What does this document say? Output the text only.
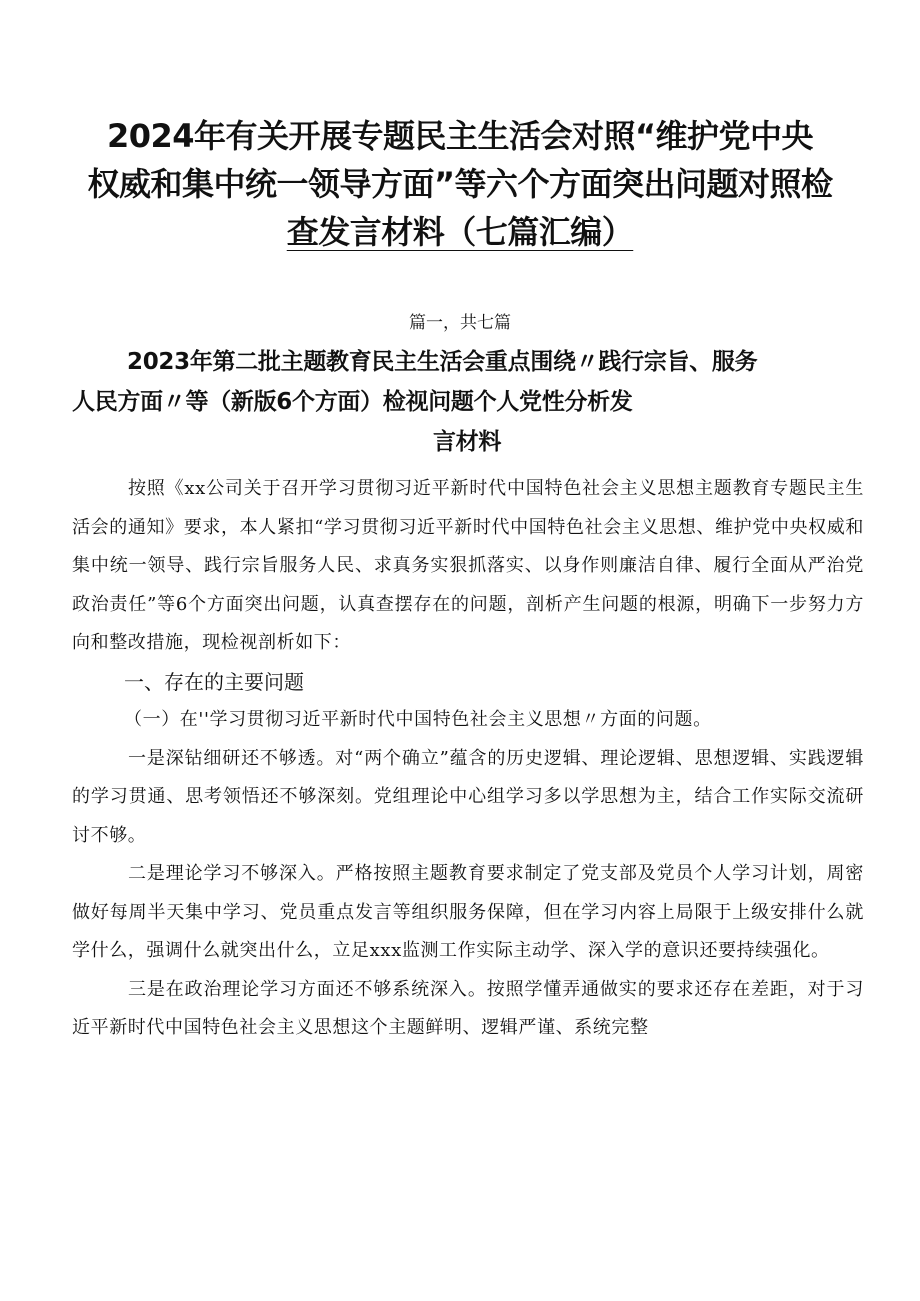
2024年有关开展专题民主生活会对照“维护党中央
权威和集中统一领导方面”等六个方面突出问题对照检
查发言材料（七篇汇编）

篇一，共七篇

2023年第二批主题教育民主生活会重点围绕〃践行宗旨、服务
人民方面〃等（新版6个方面）检视问题个人党性分析发
言材料

按照《xx公司关于召开学习贯彻习近平新时代中国特色社会主义思想主题教育专题民主生活会的通知》要求，本人紧扣“学习贯彻习近平新时代中国特色社会主义思想、维护党中央权威和集中统一领导、践行宗旨服务人民、求真务实狠抓落实、以身作则廉洁自律、履行全面从严治党政治责任”等6个方面突出问题，认真查摆存在的问题，剖析产生问题的根源，明确下一步努力方向和整改措施，现检视剖析如下：

一、存在的主要问题

（一）在''学习贯彻习近平新时代中国特色社会主义思想〃方面的问题。

一是深钻细研还不够透。对“两个确立”蕴含的历史逻辑、理论逻辑、思想逻辑、实践逻辑的学习贯通、思考领悟还不够深刻。党组理论中心组学习多以学思想为主，结合工作实际交流研讨不够。

二是理论学习不够深入。严格按照主题教育要求制定了党支部及党员个人学习计划，周密做好每周半天集中学习、党员重点发言等组织服务保障，但在学习内容上局限于上级安排什么就学什么，强调什么就突出什么，立足xxx监测工作实际主动学、深入学的意识还要持续强化。

三是在政治理论学习方面还不够系统深入。按照学懂弄通做实的要求还存在差距，对于习近平新时代中国特色社会主义思想这个主题鲜明、逻辑严谨、系统完整
